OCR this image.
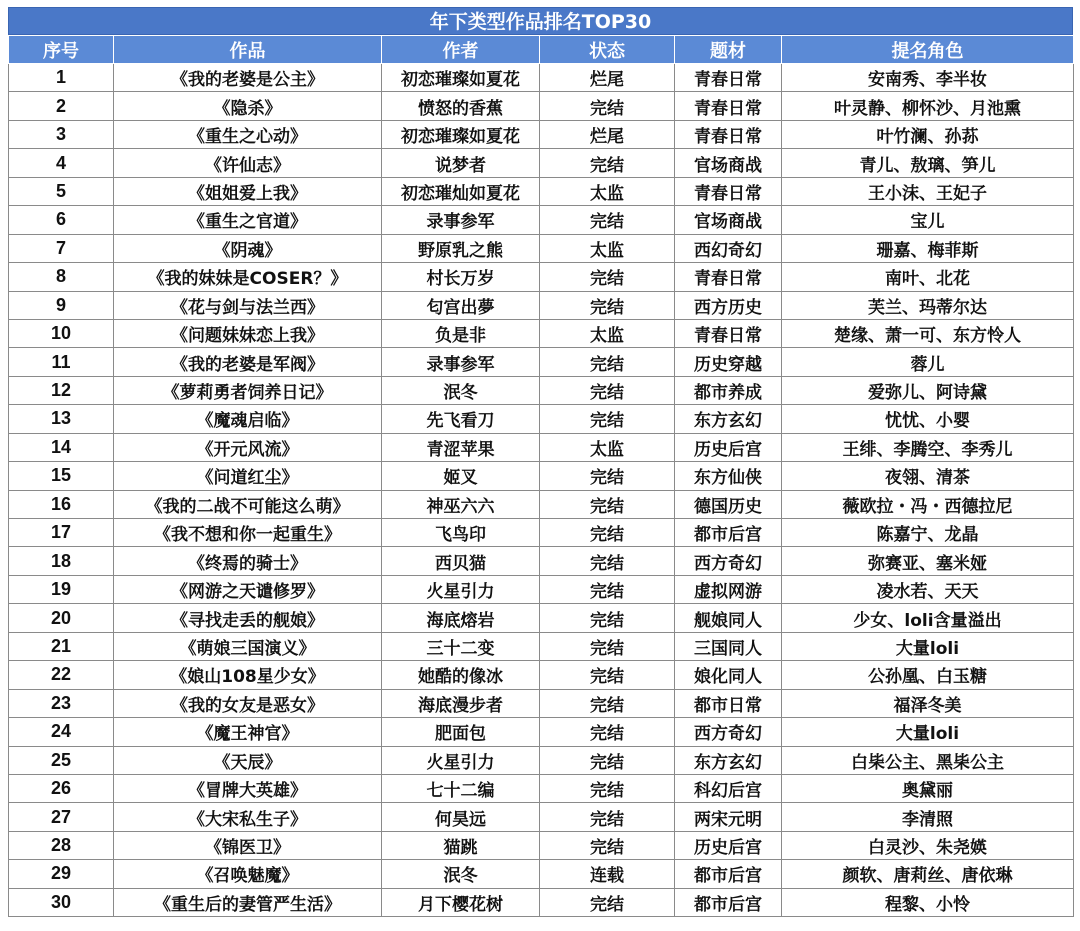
年下类型作品排名TOP30
序号	作品	作者	状态	题材	提名角色
1	《我的老婆是公主》	初恋璀璨如夏花	烂尾	青春日常	安南秀、李半妆
2	《隐杀》	愤怒的香蕉	完结	青春日常	叶灵静、柳怀沙、月池熏
3	《重生之心动》	初恋璀璨如夏花	烂尾	青春日常	叶竹澜、孙荪
4	《许仙志》	说梦者	完结	官场商战	青儿、敖璃、笋儿
5	《姐姐爱上我》	初恋璀灿如夏花	太监	青春日常	王小沫、王妃子
6	《重生之官道》	录事参军	完结	官场商战	宝儿
7	《阴魂》	野原乳之熊	太监	西幻奇幻	珊嘉、梅菲斯
8	《我的妹妹是COSER？》	村长万岁	完结	青春日常	南叶、北花
9	《花与剑与法兰西》	匂宫出夢	完结	西方历史	芙兰、玛蒂尔达
10	《问题妹妹恋上我》	负是非	太监	青春日常	楚缘、萧一可、东方怜人
11	《我的老婆是军阀》	录事参军	完结	历史穿越	蓉儿
12	《萝莉勇者饲养日记》	泯冬	完结	都市养成	爱弥儿、阿诗黛
13	《魔魂启临》	先飞看刀	完结	东方玄幻	忧忧、小婴
14	《开元风流》	青涩苹果	太监	历史后宫	王绯、李腾空、李秀儿
15	《问道红尘》	姬叉	完结	东方仙侠	夜翎、清茶
16	《我的二战不可能这么萌》	神巫六六	完结	德国历史	薇欧拉・冯・西德拉尼
17	《我不想和你一起重生》	飞鸟印	完结	都市后宫	陈嘉宁、龙晶
18	《终焉的骑士》	西贝猫	完结	西方奇幻	弥赛亚、塞米娅
19	《网游之天谴修罗》	火星引力	完结	虚拟网游	凌水若、天天
20	《寻找走丢的舰娘》	海底熔岩	完结	舰娘同人	少女、loli含量溢出
21	《萌娘三国演义》	三十二变	完结	三国同人	大量loli
22	《娘山108星少女》	她酷的像冰	完结	娘化同人	公孙凰、白玉糖
23	《我的女友是恶女》	海底漫步者	完结	都市日常	福泽冬美
24	《魔王神官》	肥面包	完结	西方奇幻	大量loli
25	《天辰》	火星引力	完结	东方玄幻	白枈公主、黑枈公主
26	《冒牌大英雄》	七十二编	完结	科幻后宫	奥黛丽
27	《大宋私生子》	何昊远	完结	两宋元明	李清照
28	《锦医卫》	猫跳	完结	历史后宫	白灵沙、朱尧媖
29	《召唤魅魔》	泯冬	连载	都市后宫	颜软、唐莉丝、唐依琳
30	《重生后的妻管严生活》	月下樱花树	完结	都市后宫	程黎、小怜
